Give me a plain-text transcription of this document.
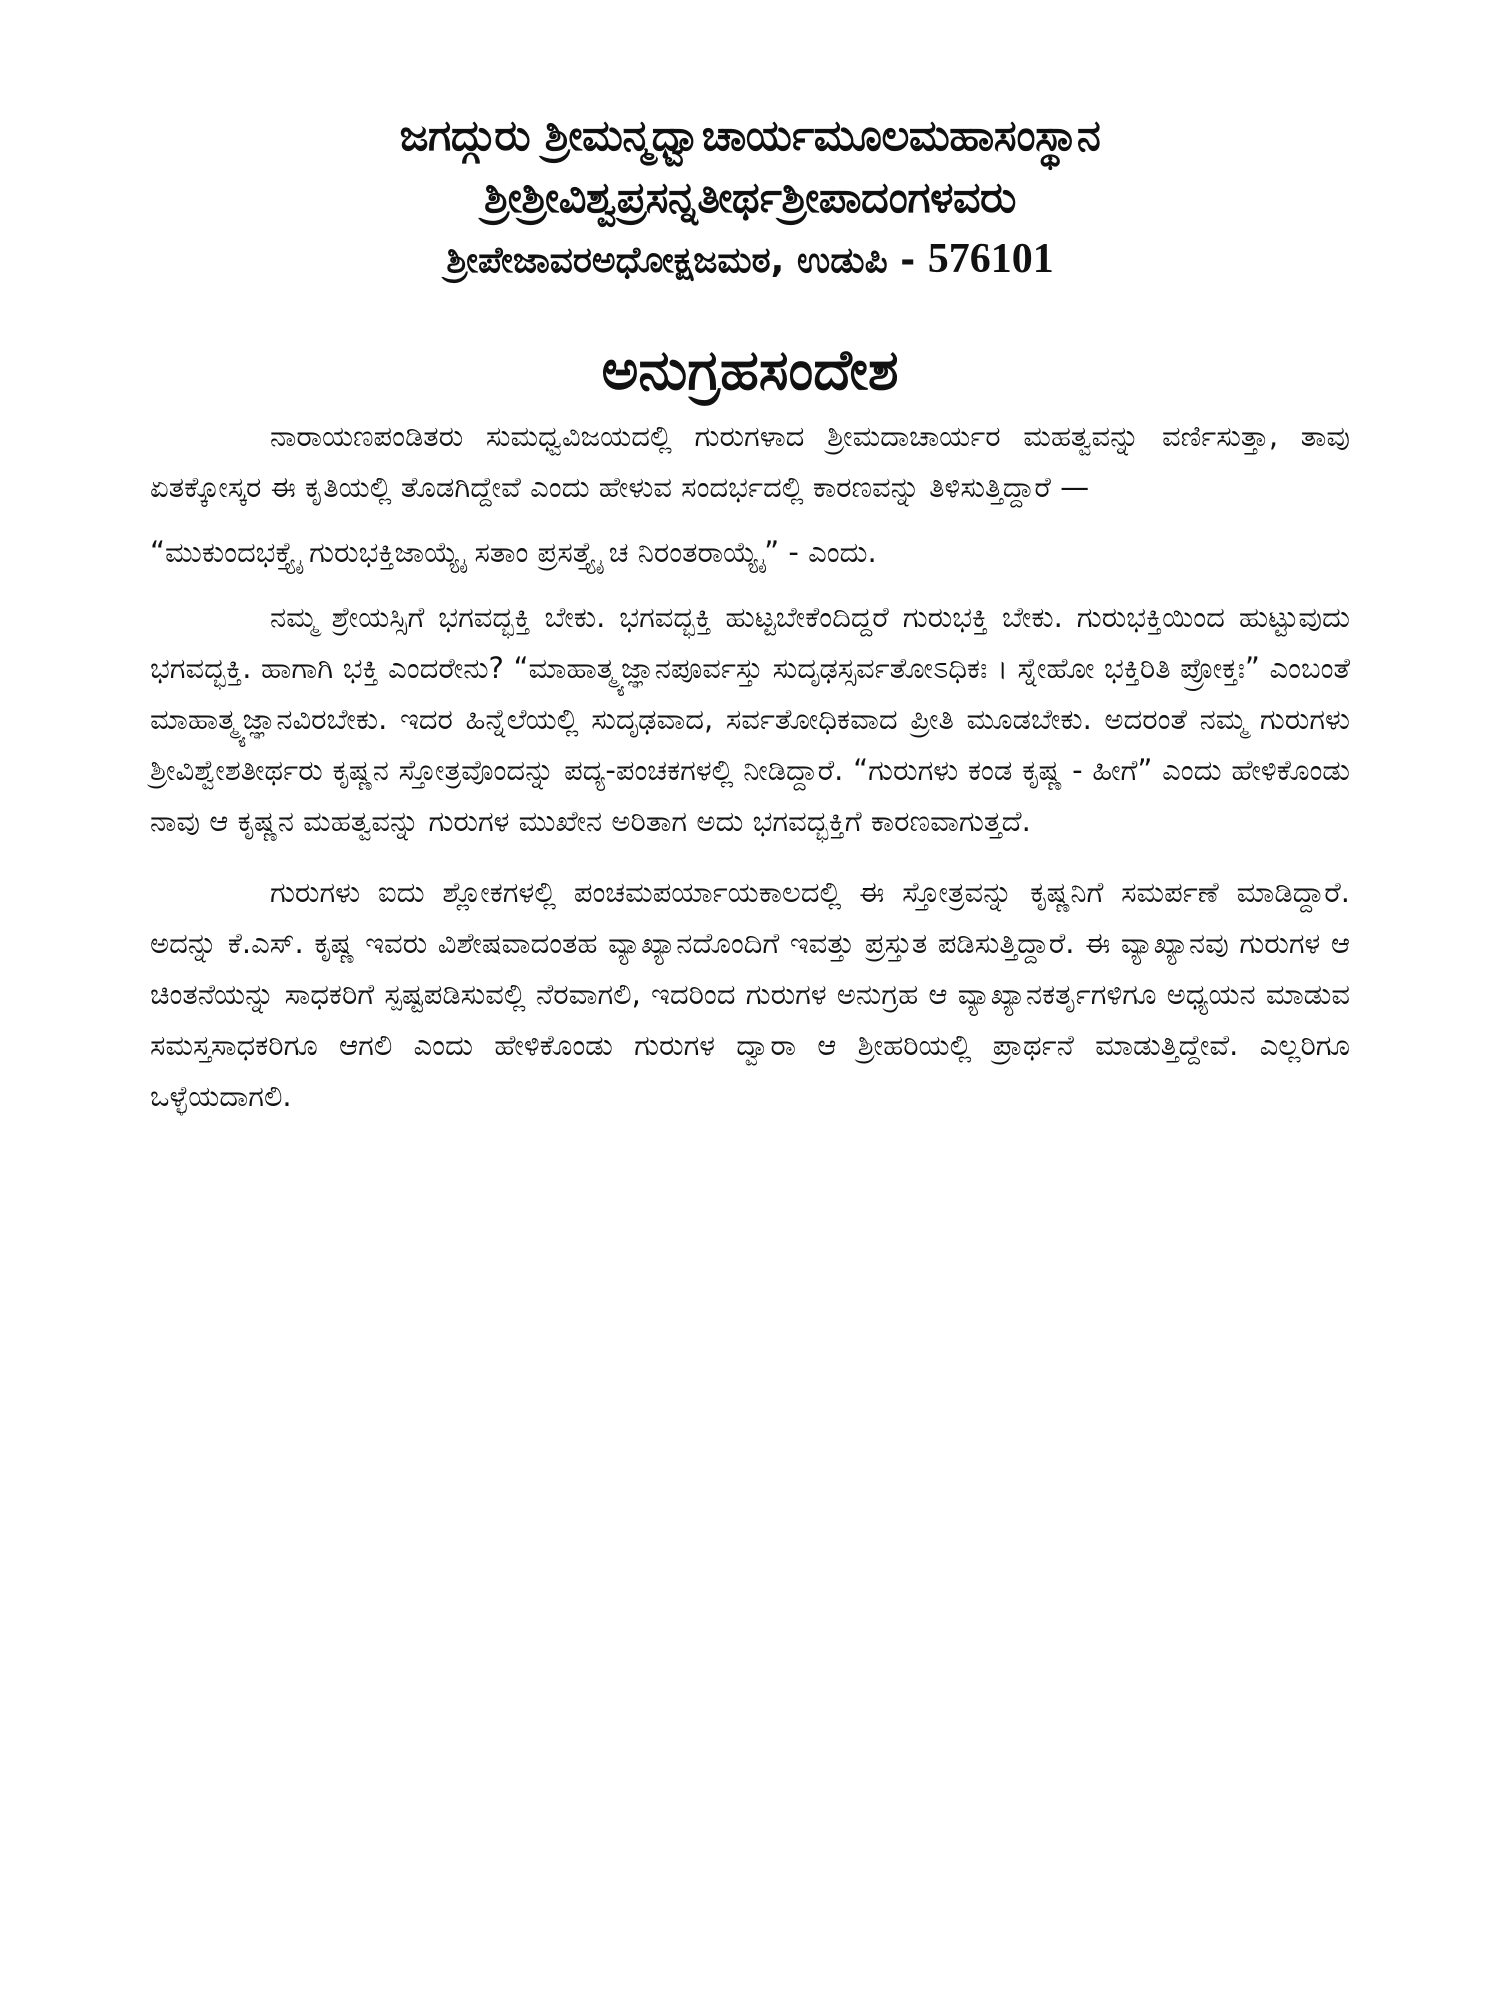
ಜಗದ್ಗುರು ಶ್ರೀಮನ್ಮಧ್ವಾಚಾರ್ಯಮೂಲಮಹಾಸಂಸ್ಥಾನ
ಶ್ರೀಶ್ರೀವಿಶ್ವಪ್ರಸನ್ನತೀರ್ಥಶ್ರೀಪಾದಂಗಳವರು
ಶ್ರೀಪೇಜಾವರಅಧೋಕ್ಷಜಮಠ, ಉಡುಪಿ - 576101
ಅನುಗ್ರಹಸಂದೇಶ

ನಾರಾಯಣಪಂಡಿತರು ಸುಮಧ್ವವಿಜಯದಲ್ಲಿ ಗುರುಗಳಾದ ಶ್ರೀಮದಾಚಾರ್ಯರ ಮಹತ್ವವನ್ನು ವರ್ಣಿಸುತ್ತಾ, ತಾವು ಏತಕ್ಕೋಸ್ಕರ ಈ ಕೃತಿಯಲ್ಲಿ ತೊಡಗಿದ್ದೇವೆ ಎಂದು ಹೇಳುವ ಸಂದರ್ಭದಲ್ಲಿ ಕಾರಣವನ್ನು ತಿಳಿಸುತ್ತಿದ್ದಾರೆ —

“ಮುಕುಂದಭಕ್ತ್ಯೈ ಗುರುಭಕ್ತಿಜಾಯ್ಯೈ ಸತಾಂ ಪ್ರಸತ್ತ್ಯೈ ಚ ನಿರಂತರಾಯ್ಯೈ” - ಎಂದು.

ನಮ್ಮ ಶ್ರೇಯಸ್ಸಿಗೆ ಭಗವದ್ಭಕ್ತಿ ಬೇಕು. ಭಗವದ್ಭಕ್ತಿ ಹುಟ್ಟಬೇಕೆಂದಿದ್ದರೆ ಗುರುಭಕ್ತಿ ಬೇಕು. ಗುರುಭಕ್ತಿಯಿಂದ ಹುಟ್ಟುವುದು ಭಗವದ್ಭಕ್ತಿ. ಹಾಗಾಗಿ ಭಕ್ತಿ ಎಂದರೇನು? “ಮಾಹಾತ್ಮ್ಯಜ್ಞಾನಪೂರ್ವಸ್ತು ಸುದೃಢಸ್ಸರ್ವತೋಽಧಿಕಃ । ಸ್ನೇಹೋ ಭಕ್ತಿರಿತಿ ಪ್ರೋಕ್ತಃ” ಎಂಬಂತೆ ಮಾಹಾತ್ಮ್ಯಜ್ಞಾನವಿರಬೇಕು. ಇದರ ಹಿನ್ನೆಲೆಯಲ್ಲಿ ಸುದೃಢವಾದ, ಸರ್ವತೋಧಿಕವಾದ ಪ್ರೀತಿ ಮೂಡಬೇಕು. ಅದರಂತೆ ನಮ್ಮ ಗುರುಗಳು ಶ್ರೀವಿಶ್ವೇಶತೀರ್ಥರು ಕೃಷ್ಣನ ಸ್ತೋತ್ರವೊಂದನ್ನು ಪದ್ಯ-ಪಂಚಕಗಳಲ್ಲಿ ನೀಡಿದ್ದಾರೆ. “ಗುರುಗಳು ಕಂಡ ಕೃಷ್ಣ - ಹೀಗೆ” ಎಂದು ಹೇಳಿಕೊಂಡು ನಾವು ಆ ಕೃಷ್ಣನ ಮಹತ್ವವನ್ನು ಗುರುಗಳ ಮುಖೇನ ಅರಿತಾಗ ಅದು ಭಗವದ್ಭಕ್ತಿಗೆ ಕಾರಣವಾಗುತ್ತದೆ.

ಗುರುಗಳು ಐದು ಶ್ಲೋಕಗಳಲ್ಲಿ ಪಂಚಮಪರ್ಯಾಯಕಾಲದಲ್ಲಿ ಈ ಸ್ತೋತ್ರವನ್ನು ಕೃಷ್ಣನಿಗೆ ಸಮರ್ಪಣೆ ಮಾಡಿದ್ದಾರೆ. ಅದನ್ನು ಕೆ.ಎಸ್. ಕೃಷ್ಣ ಇವರು ವಿಶೇಷವಾದಂತಹ ವ್ಯಾಖ್ಯಾನದೊಂದಿಗೆ ಇವತ್ತು ಪ್ರಸ್ತುತ ಪಡಿಸುತ್ತಿದ್ದಾರೆ. ಈ ವ್ಯಾಖ್ಯಾನವು ಗುರುಗಳ ಆ ಚಿಂತನೆಯನ್ನು ಸಾಧಕರಿಗೆ ಸ್ಪಷ್ಟಪಡಿಸುವಲ್ಲಿ ನೆರವಾಗಲಿ, ಇದರಿಂದ ಗುರುಗಳ ಅನುಗ್ರಹ ಆ ವ್ಯಾಖ್ಯಾನಕರ್ತೃಗಳಿಗೂ ಅಧ್ಯಯನ ಮಾಡುವ ಸಮಸ್ತಸಾಧಕರಿಗೂ ಆಗಲಿ ಎಂದು ಹೇಳಿಕೊಂಡು ಗುರುಗಳ ದ್ವಾರಾ ಆ ಶ್ರೀಹರಿಯಲ್ಲಿ ಪ್ರಾರ್ಥನೆ ಮಾಡುತ್ತಿದ್ದೇವೆ. ಎಲ್ಲರಿಗೂ ಒಳ್ಳೆಯದಾಗಲಿ.
